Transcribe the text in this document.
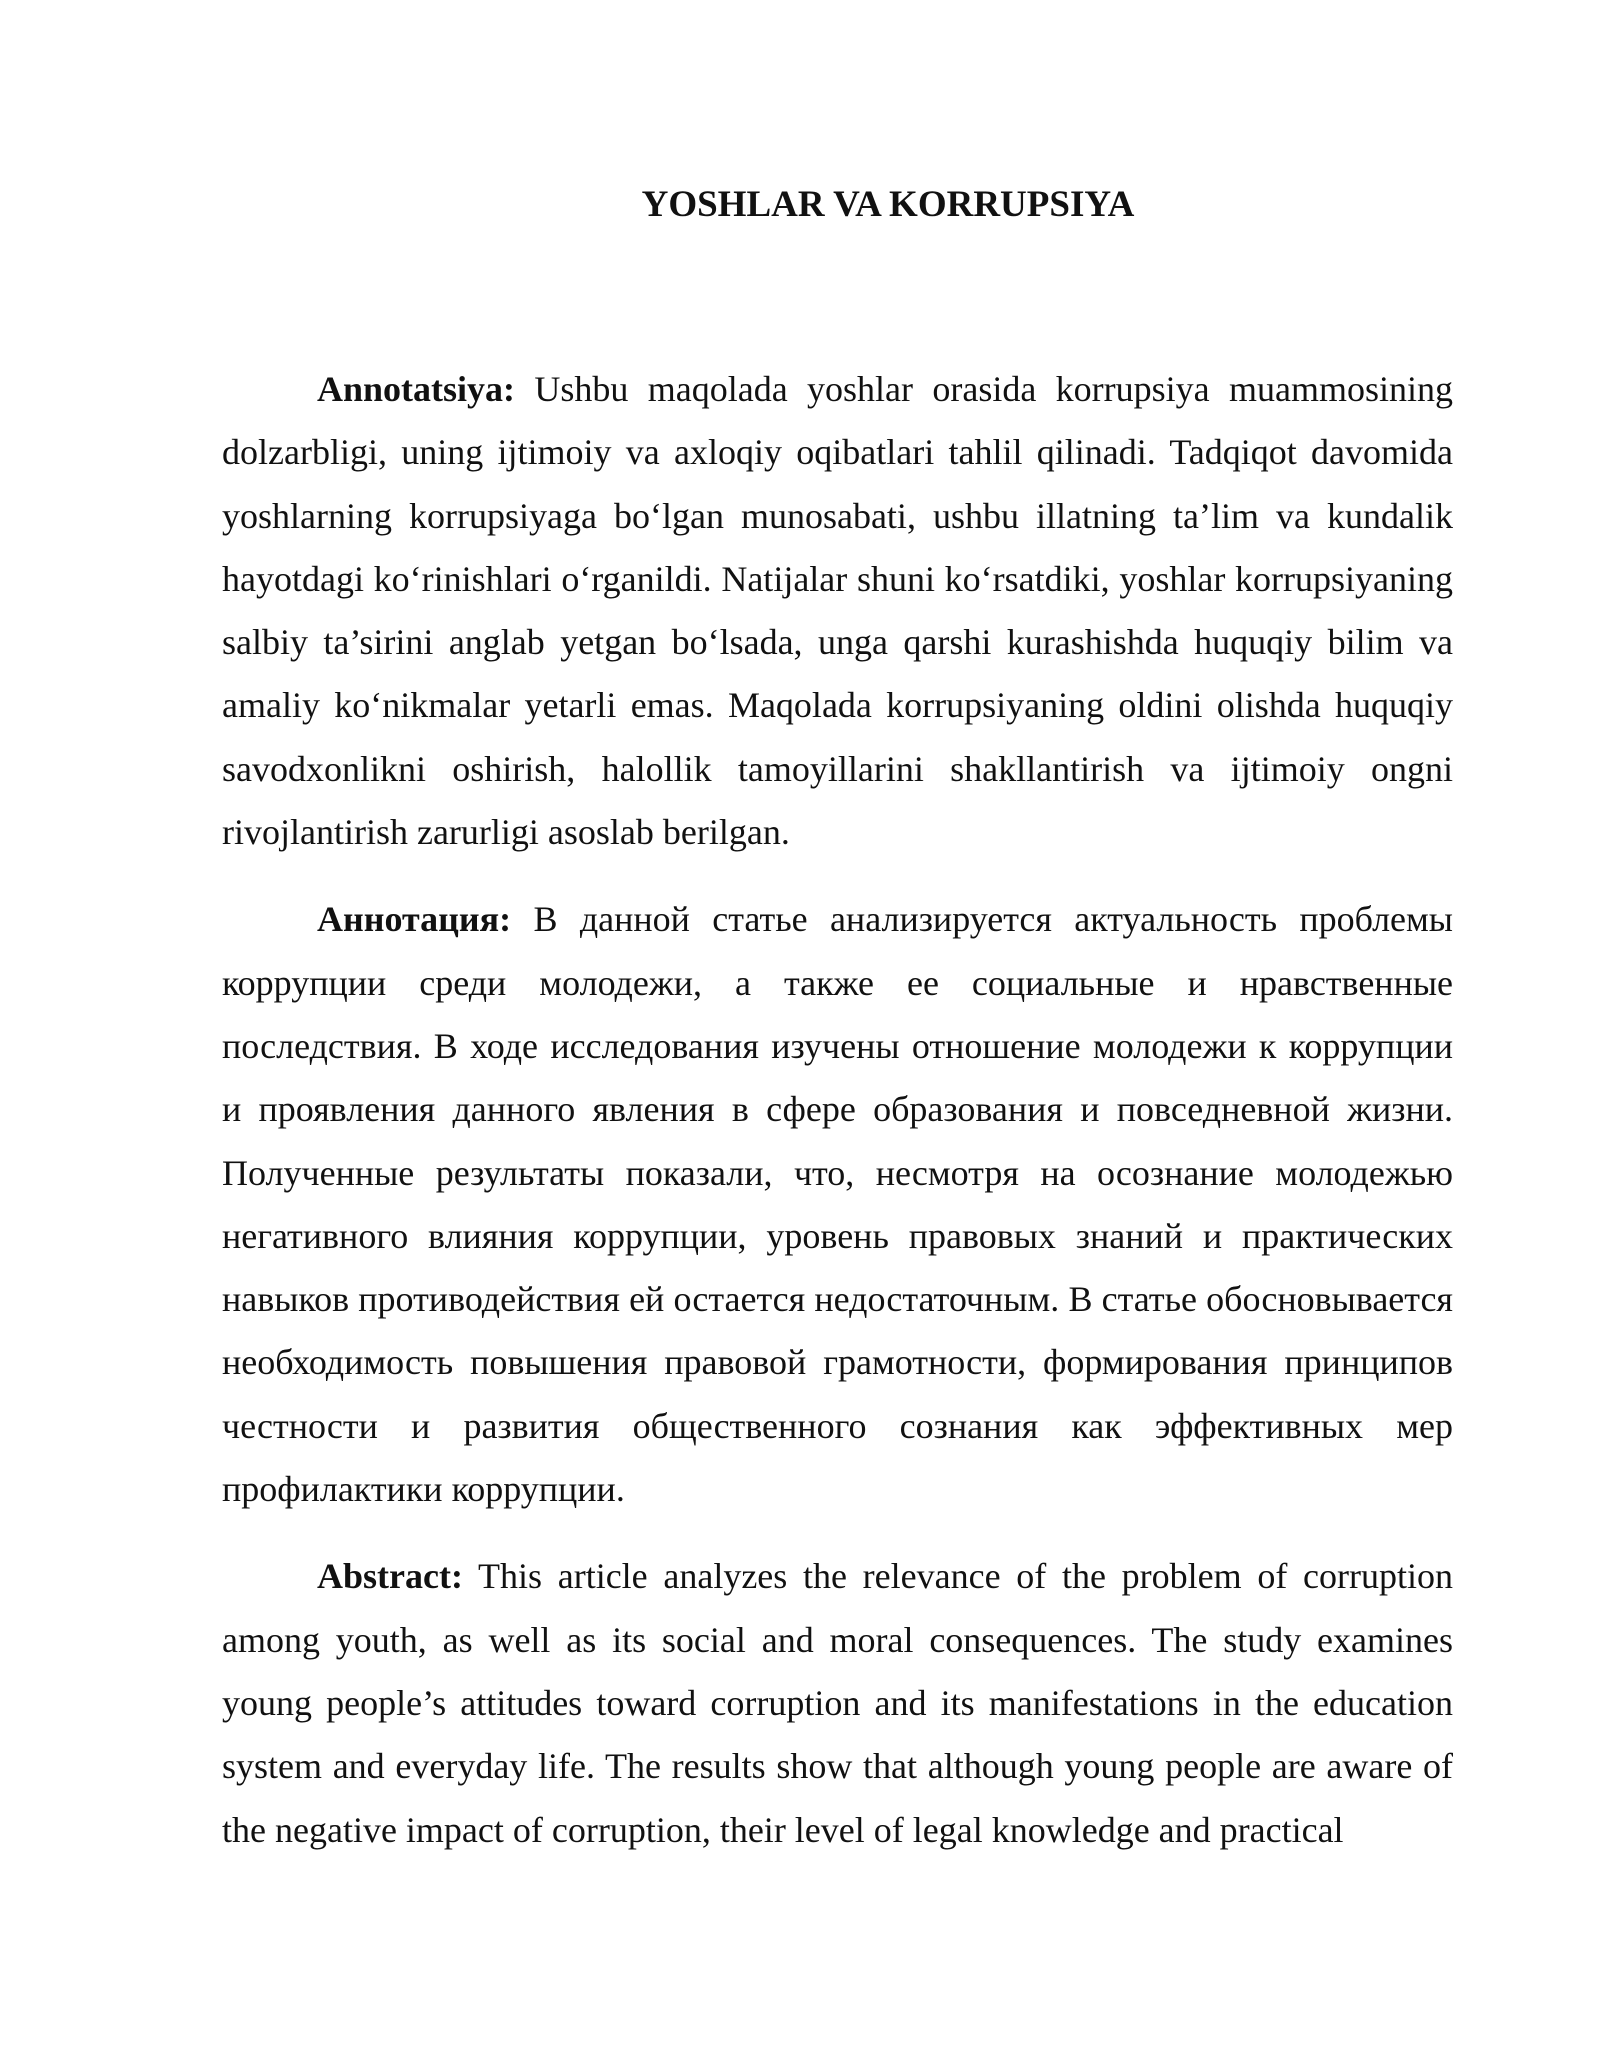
YOSHLAR VA KORRUPSIYA

Annotatsiya: Ushbu maqolada yoshlar orasida korrupsiya muammosining dolzarbligi, uning ijtimoiy va axloqiy oqibatlari tahlil qilinadi. Tadqiqot davomida yoshlarning korrupsiyaga bo‘lgan munosabati, ushbu illatning ta’lim va kundalik hayotdagi ko‘rinishlari o‘rganildi. Natijalar shuni ko‘rsatdiki, yoshlar korrupsiyaning salbiy ta’sirini anglab yetgan bo‘lsada, unga qarshi kurashishda huquqiy bilim va amaliy ko‘nikmalar yetarli emas. Maqolada korrupsiyaning oldini olishda huquqiy savodxonlikni oshirish, halollik tamoyillarini shakllantirish va ijtimoiy ongni rivojlantirish zarurligi asoslab berilgan.

Аннотация: В данной статье анализируется актуальность проблемы коррупции среди молодежи, а также ее социальные и нравственные последствия. В ходе исследования изучены отношение молодежи к коррупции и проявления данного явления в сфере образования и повседневной жизни. Полученные результаты показали, что, несмотря на осознание молодежью негативного влияния коррупции, уровень правовых знаний и практических навыков противодействия ей остается недостаточным. В статье обосновывается необходимость повышения правовой грамотности, формирования принципов честности и развития общественного сознания как эффективных мер профилактики коррупции.

Abstract: This article analyzes the relevance of the problem of corruption among youth, as well as its social and moral consequences. The study examines young people’s attitudes toward corruption and its manifestations in the education system and everyday life. The results show that although young people are aware of the negative impact of corruption, their level of legal knowledge and practical
